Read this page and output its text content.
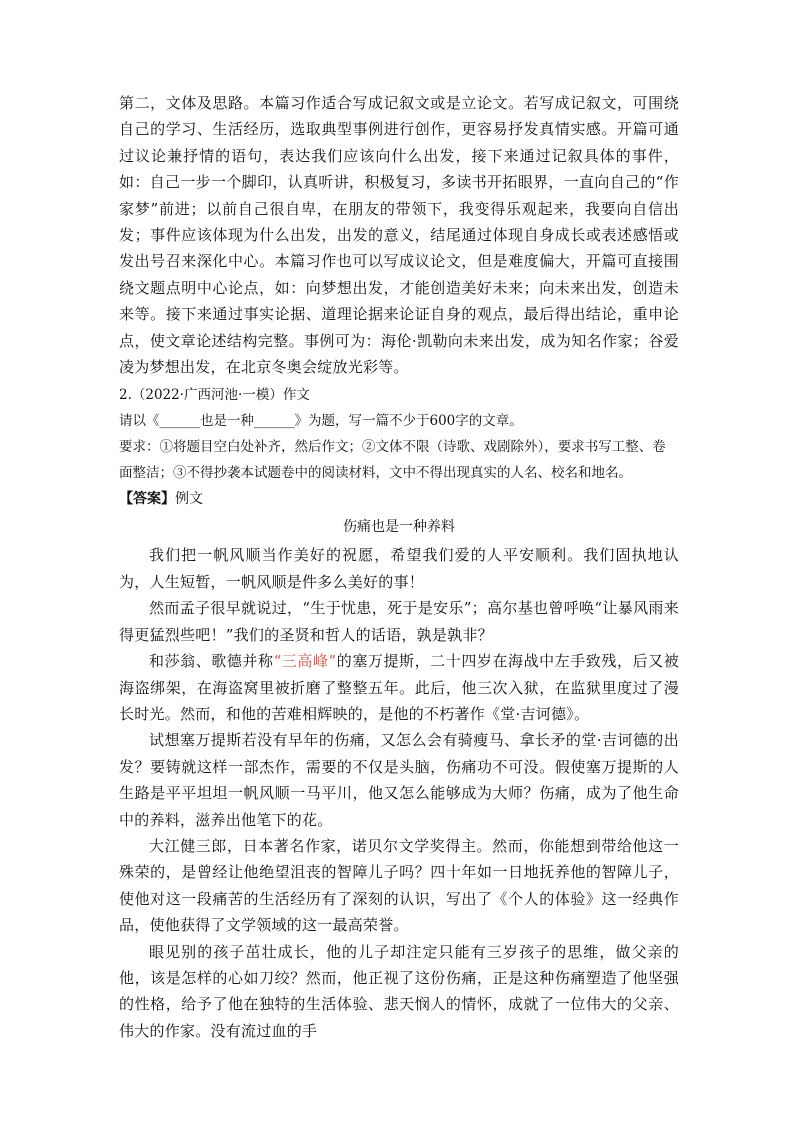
第二，文体及思路。本篇习作适合写成记叙文或是立论文。若写成记叙文，可围绕自己的学习、生活经历，选取典型事例进行创作，更容易抒发真情实感。开篇可通过议论兼抒情的语句，表达我们应该向什么出发，接下来通过记叙具体的事件，如：自己一步一个脚印，认真听讲，积极复习，多读书开拓眼界，一直向自己的“作家梦”前进；以前自己很自卑，在朋友的带领下，我变得乐观起来，我要向自信出发；事件应该体现为什么出发，出发的意义，结尾通过体现自身成长或表述感悟或发出号召来深化中心。本篇习作也可以写成议论文，但是难度偏大，开篇可直接围绕文题点明中心论点，如：向梦想出发，才能创造美好未来；向未来出发，创造未来等。接下来通过事实论据、道理论据来论证自身的观点，最后得出结论，重申论点，使文章论述结构完整。事例可为：海伦·凯勒向未来出发，成为知名作家；谷爱凌为梦想出发，在北京冬奥会绽放光彩等。

2.（2022·广西河池·一模）作文

请以《______也是一种______》为题，写一篇不少于600字的文章。

要求：①将题目空白处补齐，然后作文；②文体不限（诗歌、戏剧除外），要求书写工整、卷面整洁；③不得抄袭本试题卷中的阅读材料，文中不得出现真实的人名、校名和地名。

【答案】例文

伤痛也是一种养料

我们把一帆风顺当作美好的祝愿，希望我们爱的人平安顺利。我们固执地认为，人生短暂，一帆风顺是件多么美好的事！

然而孟子很早就说过，“生于忧患，死于是安乐”；高尔基也曾呼唤“让暴风雨来得更猛烈些吧！”我们的圣贤和哲人的话语，孰是孰非？

和莎翁、歌德并称“三高峰”的塞万提斯，二十四岁在海战中左手致残，后又被海盗绑架，在海盗窝里被折磨了整整五年。此后，他三次入狱，在监狱里度过了漫长时光。然而，和他的苦难相辉映的，是他的不朽著作《堂·吉诃德》。

试想塞万提斯若没有早年的伤痛，又怎么会有骑瘦马、拿长矛的堂·吉诃德的出发？要铸就这样一部杰作，需要的不仅是头脑，伤痛功不可没。假使塞万提斯的人生路是平平坦坦一帆风顺一马平川，他又怎么能够成为大师？伤痛，成为了他生命中的养料，滋养出他笔下的花。

大江健三郎，日本著名作家，诺贝尔文学奖得主。然而，你能想到带给他这一殊荣的，是曾经让他绝望沮丧的智障儿子吗？四十年如一日地抚养他的智障儿子，使他对这一段痛苦的生活经历有了深刻的认识，写出了《个人的体验》这一经典作品，使他获得了文学领域的这一最高荣誉。

眼见别的孩子茁壮成长，他的儿子却注定只能有三岁孩子的思维，做父亲的他，该是怎样的心如刀绞？然而，他正视了这份伤痛，正是这种伤痛塑造了他坚强的性格，给予了他在独特的生活体验、悲天悯人的情怀，成就了一位伟大的父亲、伟大的作家。没有流过血的手
